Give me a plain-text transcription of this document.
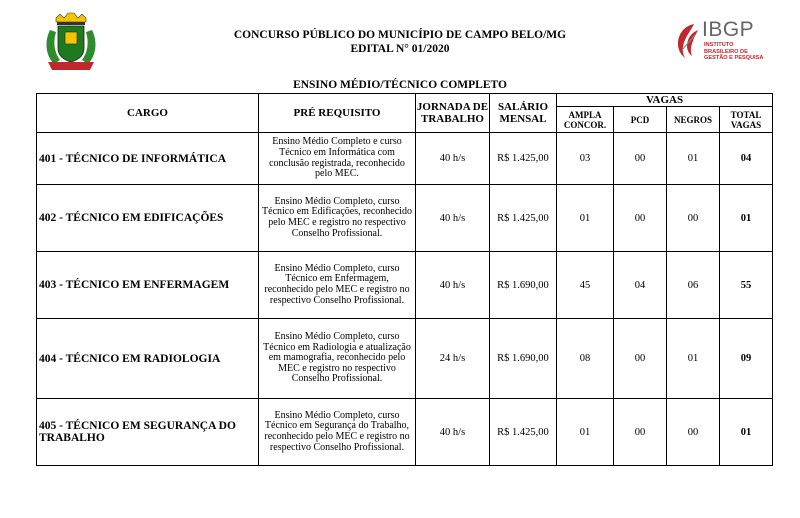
CONCURSO PÚBLICO DO MUNICÍPIO DE CAMPO BELO/MG
EDITAL N° 01/2020
IBGP
INSTITUTO BRASILEIRO DE GESTÃO E PESQUISA
ENSINO MÉDIO/TÉCNICO COMPLETO
CARGO	PRÉ REQUISITO	JORNADA DE TRABALHO	SALÁRIO MENSAL	VAGAS			
				AMPLA CONCOR.	PCD	NEGROS	TOTAL VAGAS
401 - TÉCNICO DE INFORMÁTICA	Ensino Médio Completo e curso Técnico em Informática com conclusão registrada, reconhecido pelo MEC.	40 h/s	R$ 1.425,00	03	00	01	04
402 - TÉCNICO EM EDIFICAÇÕES	Ensino Médio Completo, curso Técnico em Edificações, reconhecido pelo MEC e registro no respectivo Conselho Profissional.	40 h/s	R$ 1.425,00	01	00	00	01
403 - TÉCNICO EM ENFERMAGEM	Ensino Médio Completo, curso Técnico em Enfermagem, reconhecido pelo MEC e registro no respectivo Conselho Profissional.	40 h/s	R$ 1.690,00	45	04	06	55
404 - TÉCNICO EM RADIOLOGIA	Ensino Médio Completo, curso Técnico em Radiologia e atualização em mamografia, reconhecido pelo MEC e registro no respectivo Conselho Profissional.	24 h/s	R$ 1.690,00	08	00	01	09
405 - TÉCNICO EM SEGURANÇA DO TRABALHO	Ensino Médio Completo, curso Técnico em Segurança do Trabalho, reconhecido pelo MEC e registro no respectivo Conselho Profissional.	40 h/s	R$ 1.425,00	01	00	00	01
